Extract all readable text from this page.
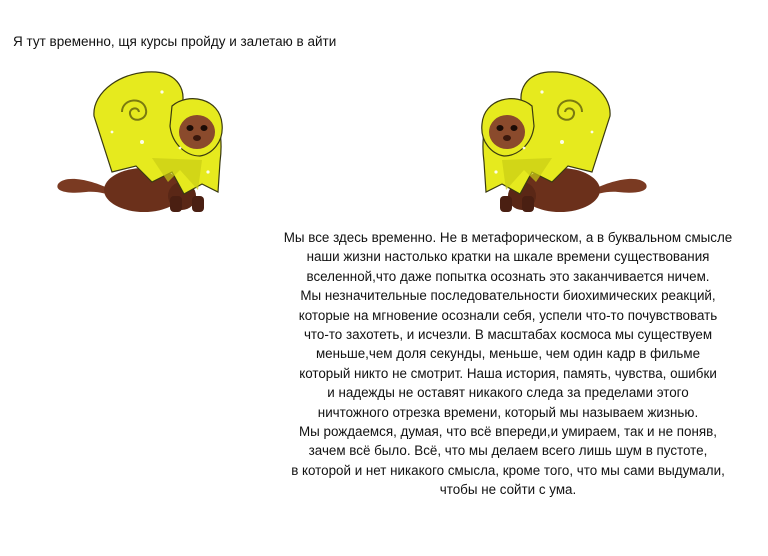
Я тут временно, щя курсы пройду и залетаю в айти
Мы все здесь временно. Не в метафорическом, а в буквальном смысле
наши жизни настолько кратки на шкале времени существования
вселенной,что даже попытка осознать это заканчивается ничем.
Мы незначительные последовательности биохимических реакций,
которые на мгновение осознали себя, успели что-то почувствовать
что-то захотеть, и исчезли. В масштабах космоса мы существуем
меньше,чем доля секунды, меньше, чем один кадр в фильме
который никто не смотрит. Наша история, память, чувства, ошибки
и надежды не оставят никакого следа за пределами этого
ничтожного отрезка времени, который мы называем жизнью.
Мы рождаемся, думая, что всё впереди,и умираем, так и не поняв,
зачем всё было. Всё, что мы делаем всего лишь шум в пустоте,
в которой и нет никакого смысла, кроме того, что мы сами выдумали,
чтобы не сойти с ума.
